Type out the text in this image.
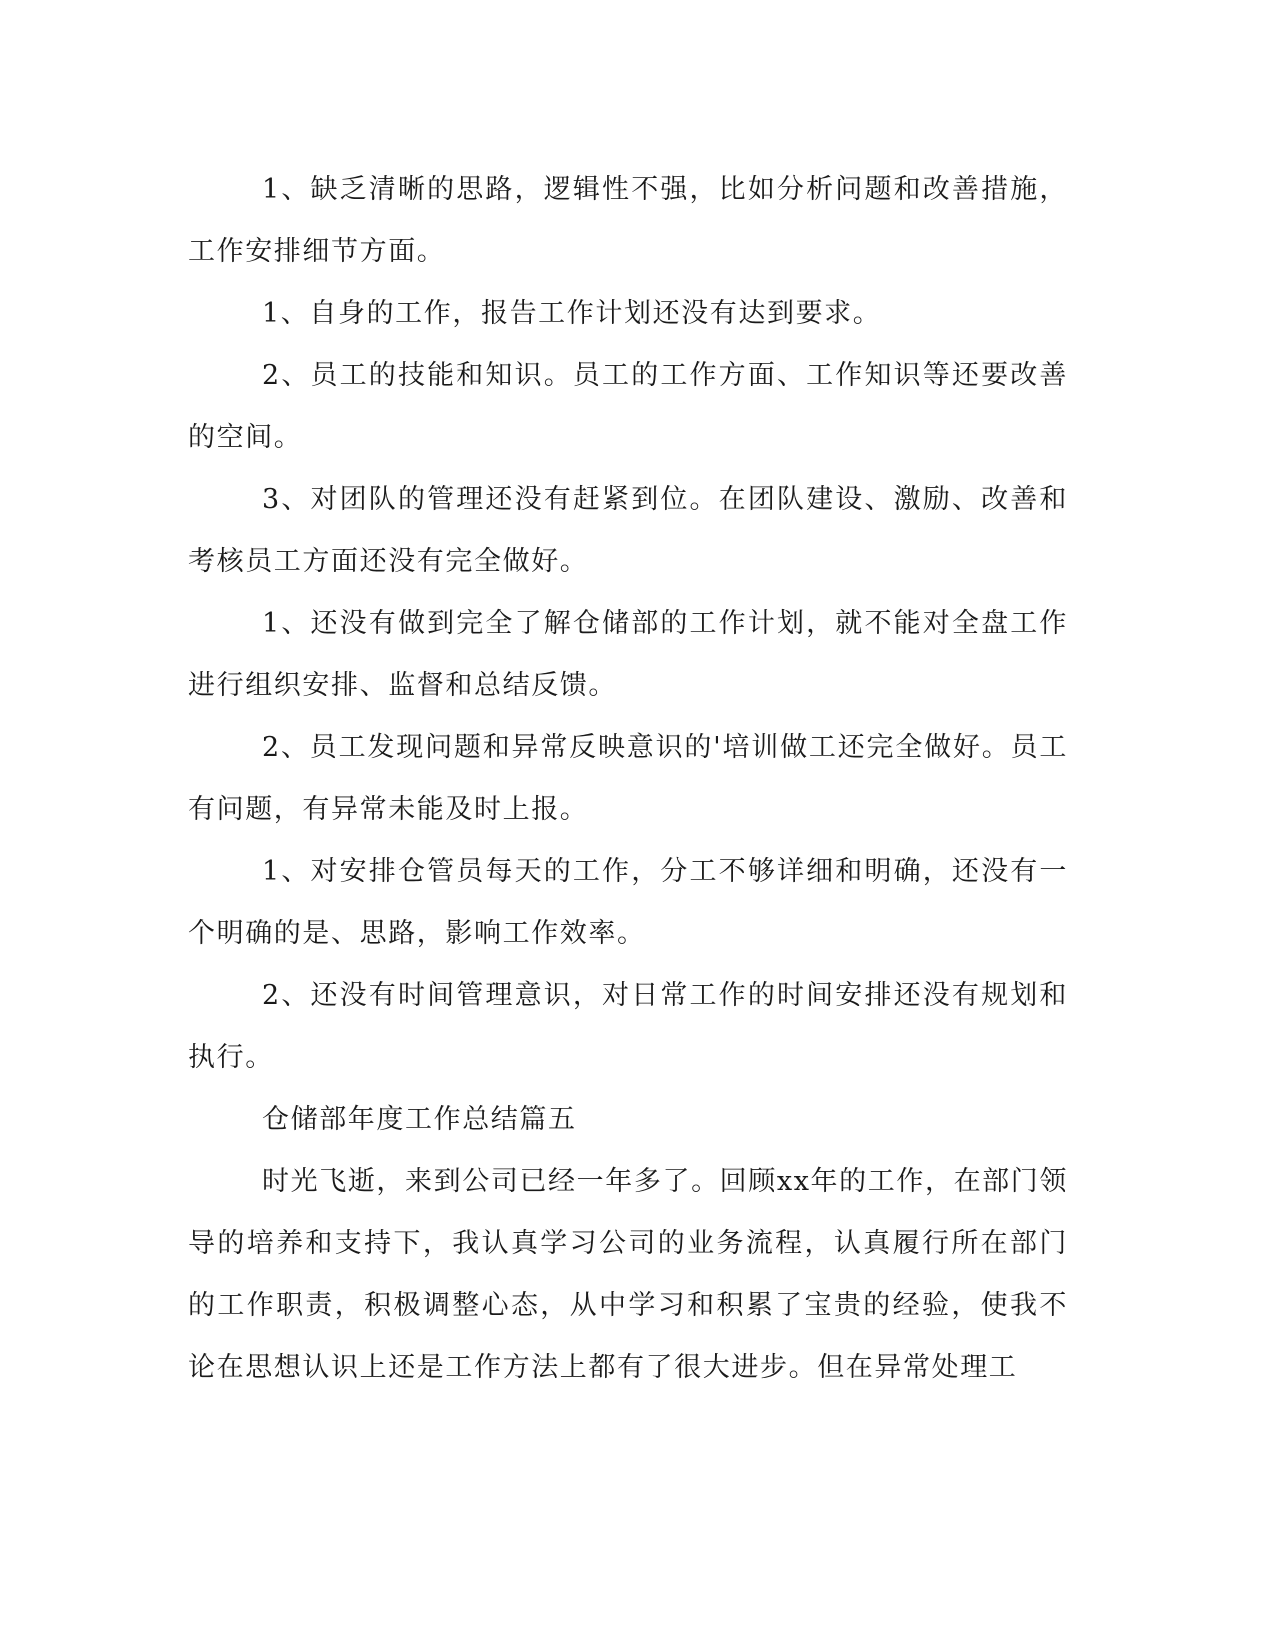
1、缺乏清晰的思路，逻辑性不强，比如分析问题和改善措施，工作安排细节方面。

1、自身的工作，报告工作计划还没有达到要求。

2、员工的技能和知识。员工的工作方面、工作知识等还要改善的空间。

3、对团队的管理还没有赶紧到位。在团队建设、激励、改善和考核员工方面还没有完全做好。

1、还没有做到完全了解仓储部的工作计划，就不能对全盘工作进行组织安排、监督和总结反馈。

2、员工发现问题和异常反映意识的'培训做工还完全做好。员工有问题，有异常未能及时上报。

1、对安排仓管员每天的工作，分工不够详细和明确，还没有一个明确的是、思路，影响工作效率。

2、还没有时间管理意识，对日常工作的时间安排还没有规划和执行。

仓储部年度工作总结篇五

时光飞逝，来到公司已经一年多了。回顾xx年的工作，在部门领导的培养和支持下，我认真学习公司的业务流程，认真履行所在部门的工作职责，积极调整心态，从中学习和积累了宝贵的经验，使我不论在思想认识上还是工作方法上都有了很大进步。但在异常处理工
